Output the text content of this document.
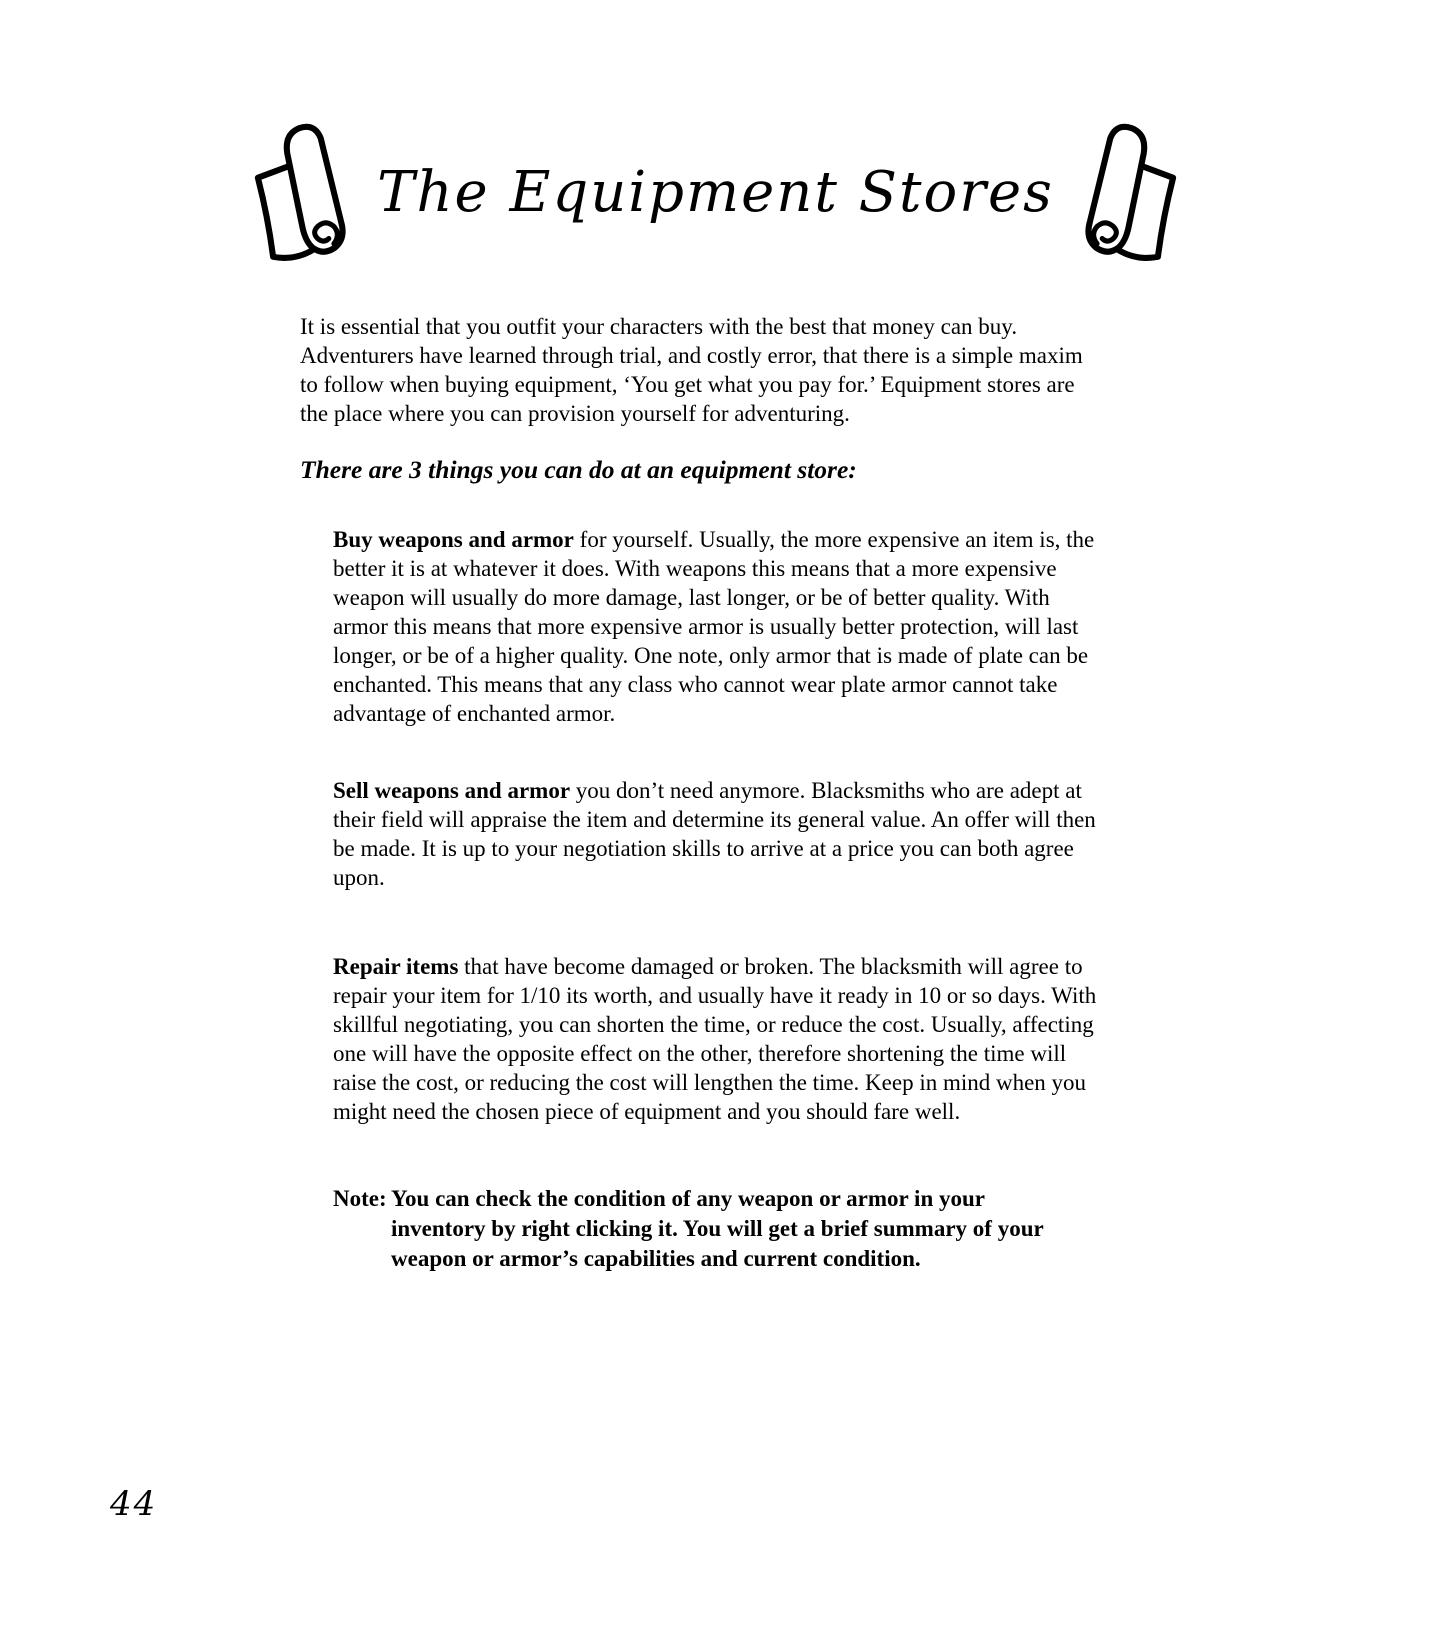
The Equipment Stores

It is essential that you outfit your characters with the best that money can buy. Adventurers have learned through trial, and costly error, that there is a simple maxim to follow when buying equipment, ‘You get what you pay for.’ Equipment stores are the place where you can provision yourself for adventuring.

There are 3 things you can do at an equipment store:

Buy weapons and armor for yourself. Usually, the more expensive an item is, the better it is at whatever it does. With weapons this means that a more expensive weapon will usually do more damage, last longer, or be of better quality. With armor this means that more expensive armor is usually better protection, will last longer, or be of a higher quality. One note, only armor that is made of plate can be enchanted. This means that any class who cannot wear plate armor cannot take advantage of enchanted armor.

Sell weapons and armor you don’t need anymore. Blacksmiths who are adept at their field will appraise the item and determine its general value. An offer will then be made. It is up to your negotiation skills to arrive at a price you can both agree upon.

Repair items that have become damaged or broken. The blacksmith will agree to repair your item for 1/10 its worth, and usually have it ready in 10 or so days. With skillful negotiating, you can shorten the time, or reduce the cost. Usually, affecting one will have the opposite effect on the other, therefore shortening the time will raise the cost, or reducing the cost will lengthen the time. Keep in mind when you might need the chosen piece of equipment and you should fare well.

Note: You can check the condition of any weapon or armor in your inventory by right clicking it. You will get a brief summary of your weapon or armor’s capabilities and current condition.
44
